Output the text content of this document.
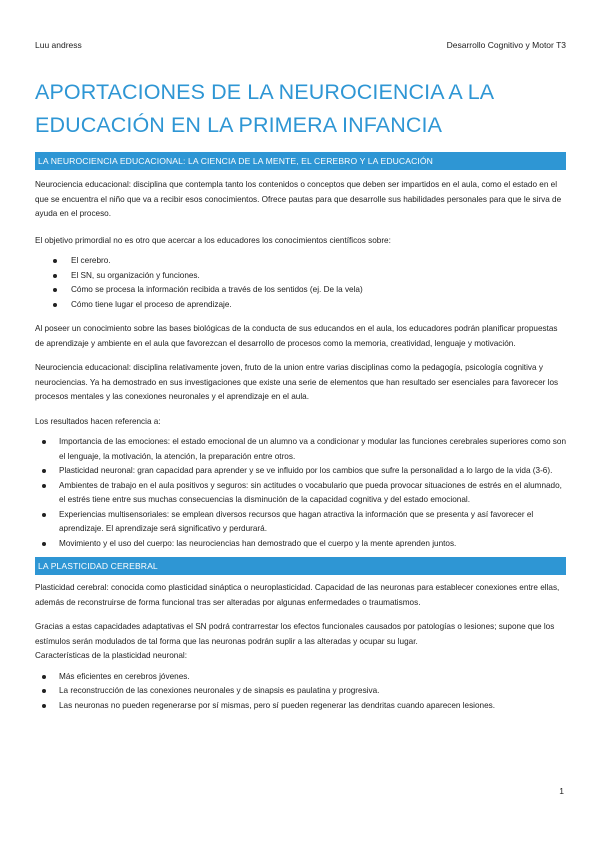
Luu andress	Desarrollo Cognitivo y Motor T3
APORTACIONES DE LA NEUROCIENCIA A LA EDUCACIÓN EN LA PRIMERA INFANCIA
LA NEUROCIENCIA EDUCACIONAL: LA CIENCIA DE LA MENTE, EL CEREBRO Y LA EDUCACIÓN

Neurociencia educacional: disciplina que contempla tanto los contenidos o conceptos que deben ser impartidos en el aula, como el estado en el que se encuentra el niño que va a recibir esos conocimientos. Ofrece pautas para que desarrolle sus habilidades personales para que le sirva de ayuda en el proceso.

El objetivo primordial no es otro que acercar a los educadores los conocimientos científicos sobre:

El cerebro.
El SN, su organización y funciones.
Cómo se procesa la información recibida a través de los sentidos (ej. De la vela)
Cómo tiene lugar el proceso de aprendizaje.

Al poseer un conocimiento sobre las bases biológicas de la conducta de sus educandos en el aula, los educadores podrán planificar propuestas de aprendizaje y ambiente en el aula que favorezcan el desarrollo de procesos como la memoria, creatividad, lenguaje y motivación.

Neurociencia educacional: disciplina relativamente joven, fruto de la union entre varias disciplinas como la pedagogía, psicología cognitiva y neurociencias. Ya ha demostrado en sus investigaciones que existe una serie de elementos que han resultado ser esenciales para favorecer los procesos mentales y las conexiones neuronales y el aprendizaje en el aula.

Los resultados hacen referencia a:

Importancia de las emociones: el estado emocional de un alumno va a condicionar y modular las funciones cerebrales superiores como son el lenguaje, la motivación, la atención, la preparación entre otros.
Plasticidad neuronal: gran capacidad para aprender y se ve influido por los cambios que sufre la personalidad a lo largo de la vida (3-6).
Ambientes de trabajo en el aula positivos y seguros: sin actitudes o vocabulario que pueda provocar situaciones de estrés en el alumnado, el estrés tiene entre sus muchas consecuencias la disminución de la capacidad cognitiva y del estado emocional.
Experiencias multisensoriales: se emplean diversos recursos que hagan atractiva la información que se presenta y así favorecer el aprendizaje. El aprendizaje será significativo y perdurará.
Movimiento y el uso del cuerpo: las neurociencias han demostrado que el cuerpo y la mente aprenden juntos.
LA PLASTICIDAD CEREBRAL

Plasticidad cerebral: conocida como plasticidad sináptica o neuroplasticidad. Capacidad de las neuronas para establecer conexiones entre ellas, además de reconstruirse de forma funcional tras ser alteradas por algunas enfermedades o traumatismos.

Gracias a estas capacidades adaptativas el SN podrá contrarrestar los efectos funcionales causados por patologías o lesiones; supone que los estímulos serán modulados de tal forma que las neuronas podrán suplir a las alteradas y ocupar su lugar.

Características de la plasticidad neuronal:

Más eficientes en cerebros jóvenes.
La reconstrucción de las conexiones neuronales y de sinapsis es paulatina y progresiva.
Las neuronas no pueden regenerarse por sí mismas, pero sí pueden regenerar las dendritas cuando aparecen lesiones.
1
